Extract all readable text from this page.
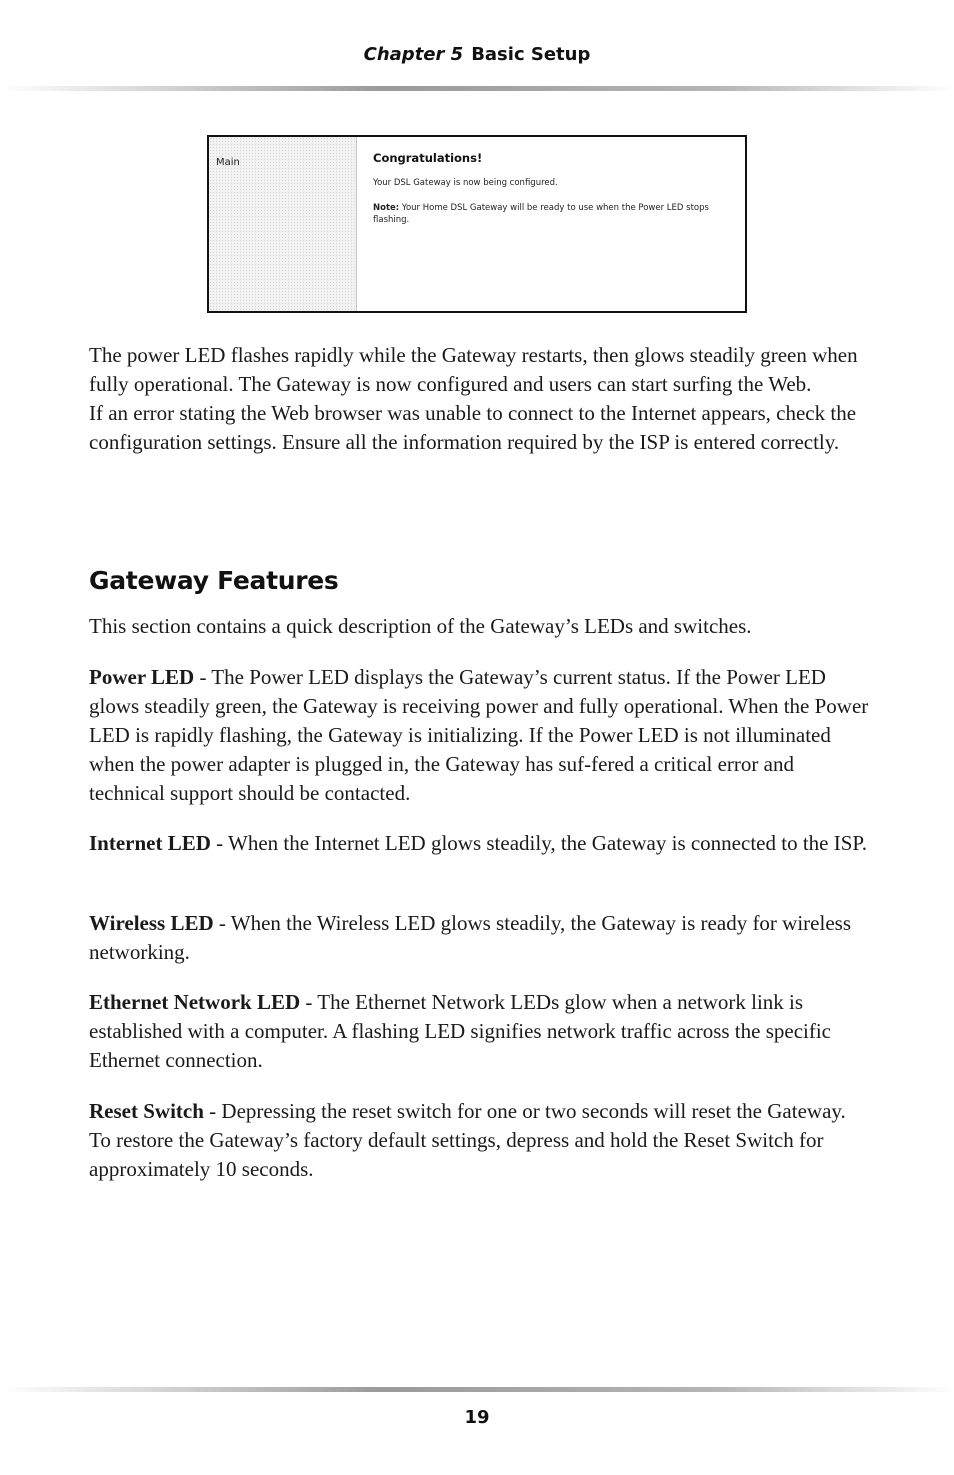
Chapter 5 Basic Setup
Main	Congratulations!
Your DSL Gateway is now being configured.
Note: Your Home DSL Gateway will be ready to use when the Power LED stops flashing.

The power LED flashes rapidly while the Gateway restarts, then glows steadily green when fully operational. The Gateway is now configured and users can start surfing the Web.

If an error stating the Web browser was unable to connect to the Internet appears, check the configuration settings. Ensure all the information required by the ISP is entered correctly.

Gateway Features

This section contains a quick description of the Gateway’s LEDs and switches.

Power LED - The Power LED displays the Gateway’s current status. If the Power LED glows steadily green, the Gateway is receiving power and fully operational. When the Power LED is rapidly flashing, the Gateway is initializing. If the Power LED is not illuminated when the power adapter is plugged in, the Gateway has suf-fered a critical error and technical support should be contacted.

Internet LED - When the Internet LED glows steadily, the Gateway is connected to the ISP.

Wireless LED - When the Wireless LED glows steadily, the Gateway is ready for wireless networking.

Ethernet Network LED - The Ethernet Network LEDs glow when a network link is established with a computer. A flashing LED signifies network traffic across the specific Ethernet connection.

Reset Switch - Depressing the reset switch for one or two seconds will reset the Gateway. To restore the Gateway’s factory default settings, depress and hold the Reset Switch for approximately 10 seconds.

19
